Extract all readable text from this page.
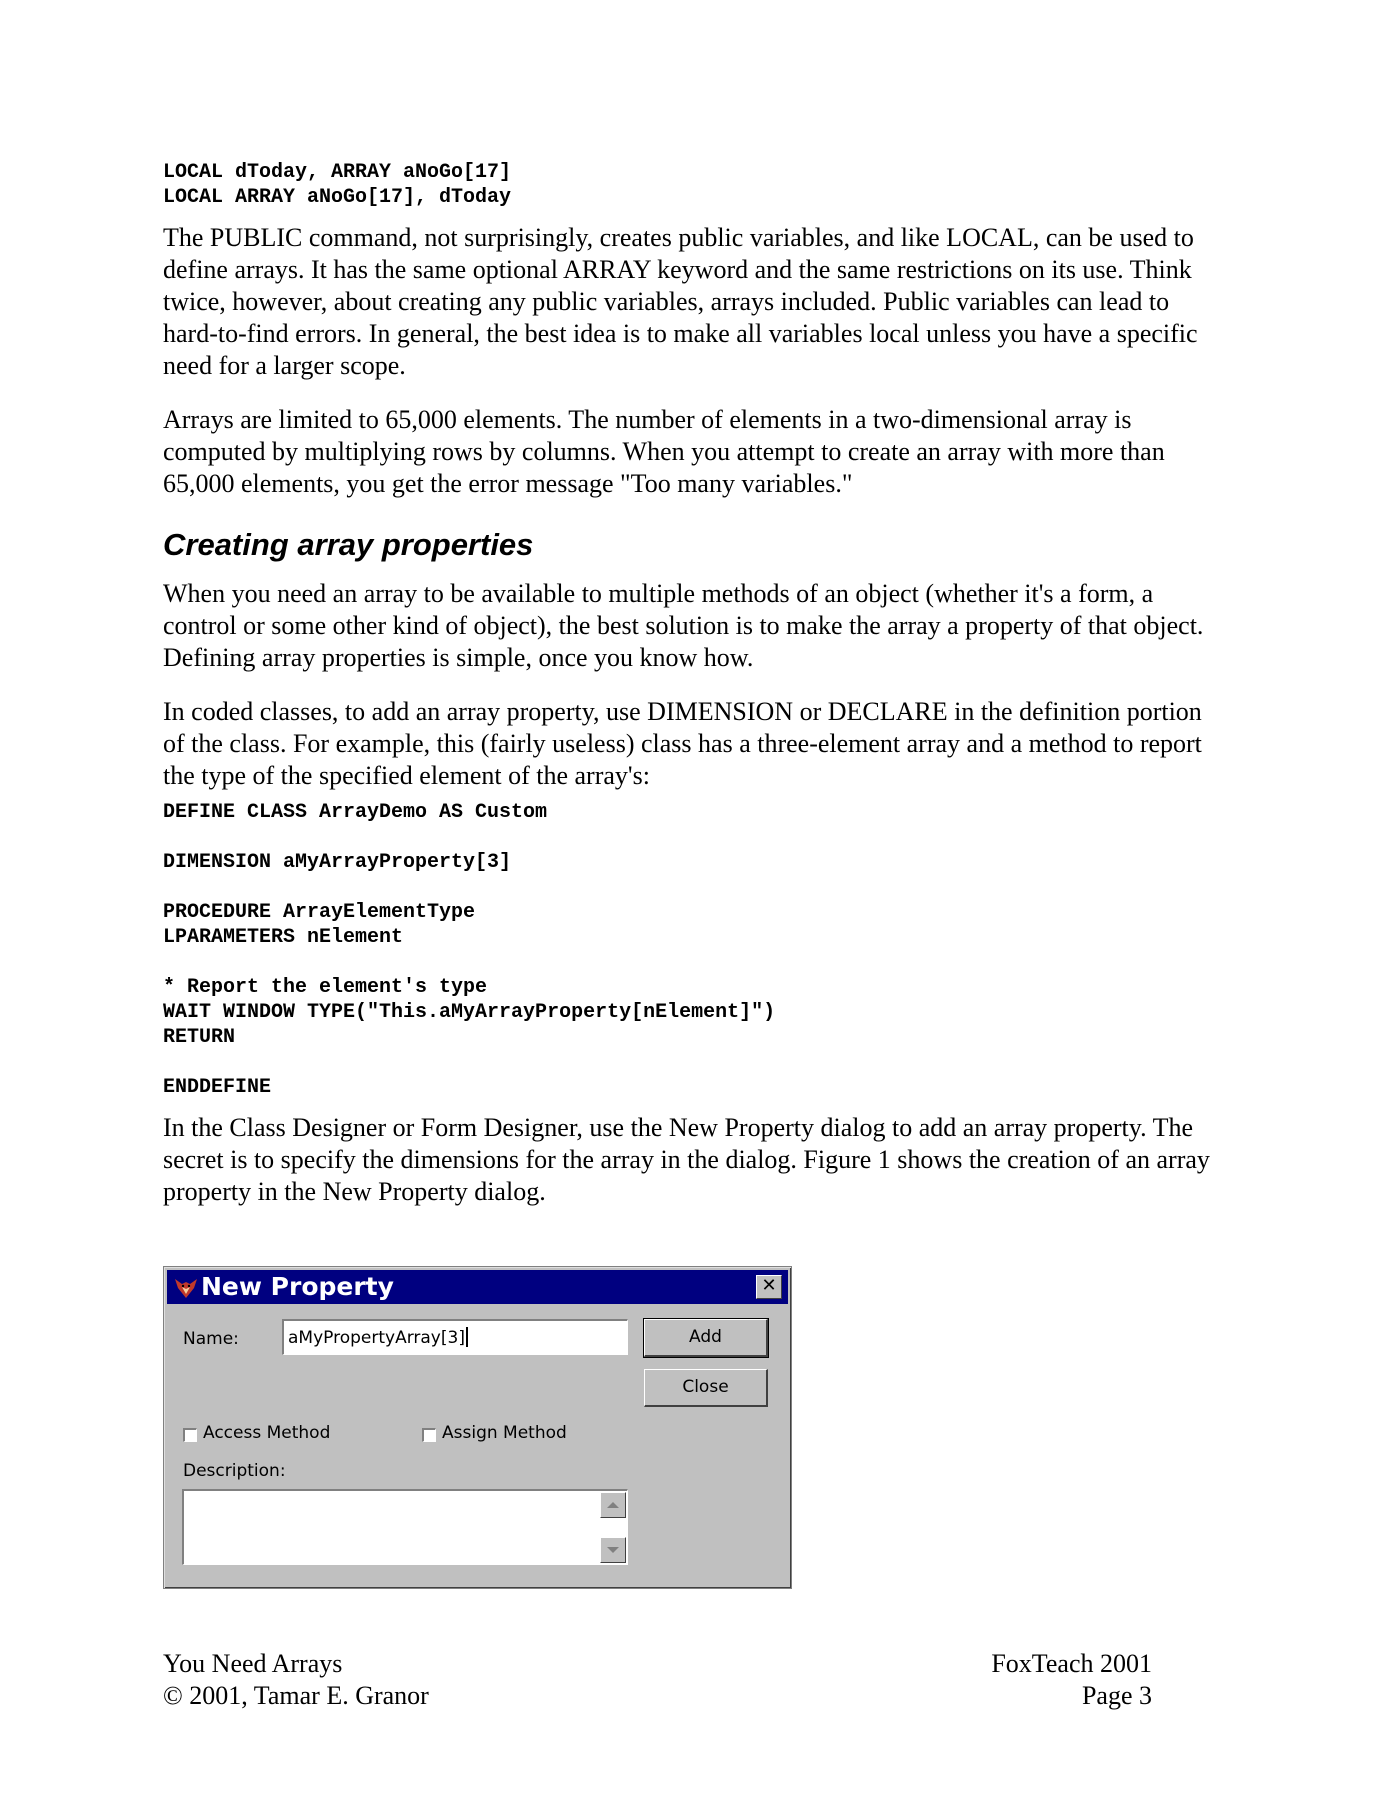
LOCAL dToday, ARRAY aNoGo[17]
LOCAL ARRAY aNoGo[17], dToday

The PUBLIC command, not surprisingly, creates public variables, and like LOCAL, can be used to define arrays. It has the same optional ARRAY keyword and the same restrictions on its use. Think twice, however, about creating any public variables, arrays included. Public variables can lead to hard-to-find errors. In general, the best idea is to make all variables local unless you have a specific need for a larger scope.

Arrays are limited to 65,000 elements. The number of elements in a two-dimensional array is computed by multiplying rows by columns. When you attempt to create an array with more than 65,000 elements, you get the error message "Too many variables."

Creating array properties

When you need an array to be available to multiple methods of an object (whether it's a form, a control or some other kind of object), the best solution is to make the array a property of that object. Defining array properties is simple, once you know how.

In coded classes, to add an array property, use DIMENSION or DECLARE in the definition portion of the class. For example, this (fairly useless) class has a three-element array and a method to report the type of the specified element of the array's:

DEFINE CLASS ArrayDemo AS Custom

DIMENSION aMyArrayProperty[3]

PROCEDURE ArrayElementType
LPARAMETERS nElement

* Report the element's type
WAIT WINDOW TYPE("This.aMyArrayProperty[nElement]")
RETURN

ENDDEFINE

In the Class Designer or Form Designer, use the New Property dialog to add an array property. The secret is to specify the dimensions for the array in the dialog. Figure 1 shows the creation of an array property in the New Property dialog.

New Property	✕
Name:	aMyPropertyArray[3]	Add
Close
Access Method	Assign Method
Description:
You Need Arrays
© 2001, Tamar E. Granor
FoxTeach 2001
Page 3
